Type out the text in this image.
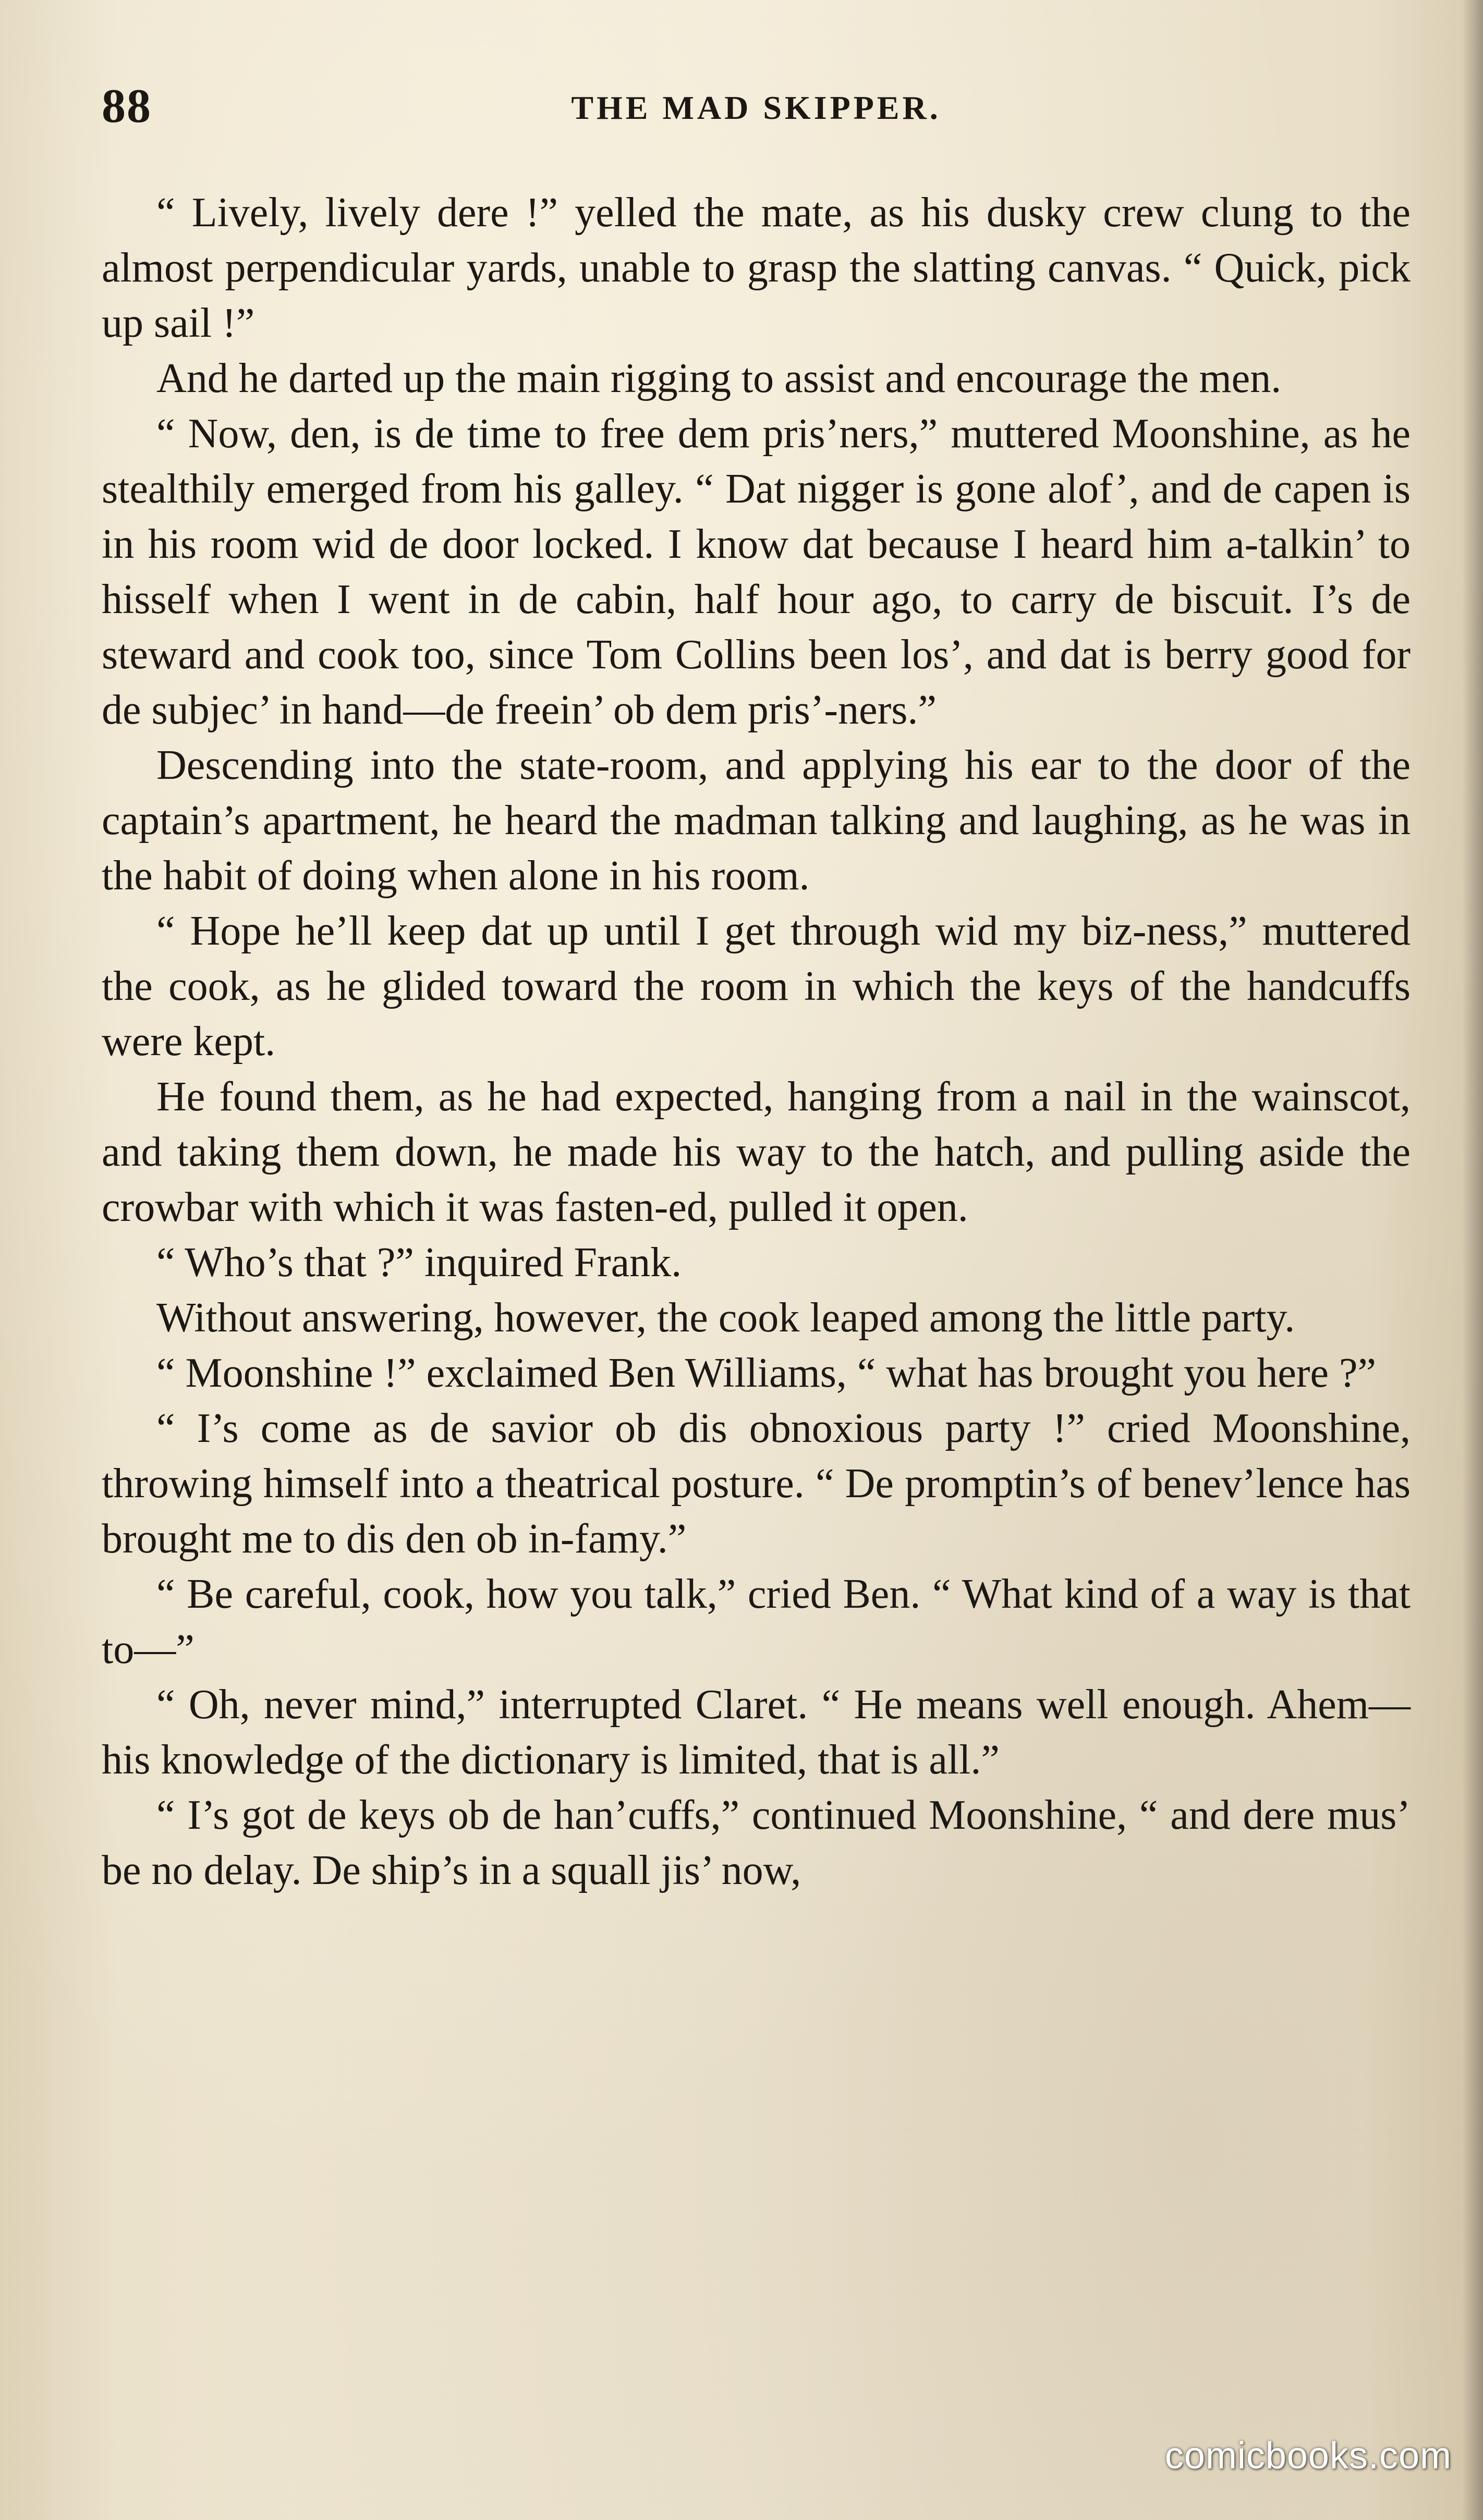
88	THE MAD SKIPPER.

“ Lively, lively dere !” yelled the mate, as his dusky crew clung to the almost perpendicular yards, unable to grasp the slatting canvas. “ Quick, pick up sail !”

And he darted up the main rigging to assist and encourage the men.

“ Now, den, is de time to free dem pris’ners,” muttered Moonshine, as he stealthily emerged from his galley. “ Dat nigger is gone alof’, and de capen is in his room wid de door locked. I know dat because I heard him a-talkin’ to hisself when I went in de cabin, half hour ago, to carry de biscuit. I’s de steward and cook too, since Tom Collins been los’, and dat is berry good for de subjec’ in hand—de freein’ ob dem pris’-ners.”

Descending into the state-room, and applying his ear to the door of the captain’s apartment, he heard the madman talking and laughing, as he was in the habit of doing when alone in his room.

“ Hope he’ll keep dat up until I get through wid my biz-ness,” muttered the cook, as he glided toward the room in which the keys of the handcuffs were kept.

He found them, as he had expected, hanging from a nail in the wainscot, and taking them down, he made his way to the hatch, and pulling aside the crowbar with which it was fasten-ed, pulled it open.

“ Who’s that ?” inquired Frank.

Without answering, however, the cook leaped among the little party.

“ Moonshine !” exclaimed Ben Williams, “ what has brought you here ?”

“ I’s come as de savior ob dis obnoxious party !” cried Moonshine, throwing himself into a theatrical posture. “ De promptin’s of benev’lence has brought me to dis den ob in-famy.”

“ Be careful, cook, how you talk,” cried Ben. “ What kind of a way is that to—”

“ Oh, never mind,” interrupted Claret. “ He means well enough. Ahem—his knowledge of the dictionary is limited, that is all.”

“ I’s got de keys ob de han’cuffs,” continued Moonshine, “ and dere mus’ be no delay. De ship’s in a squall jis’ now,

comicbooks.com
